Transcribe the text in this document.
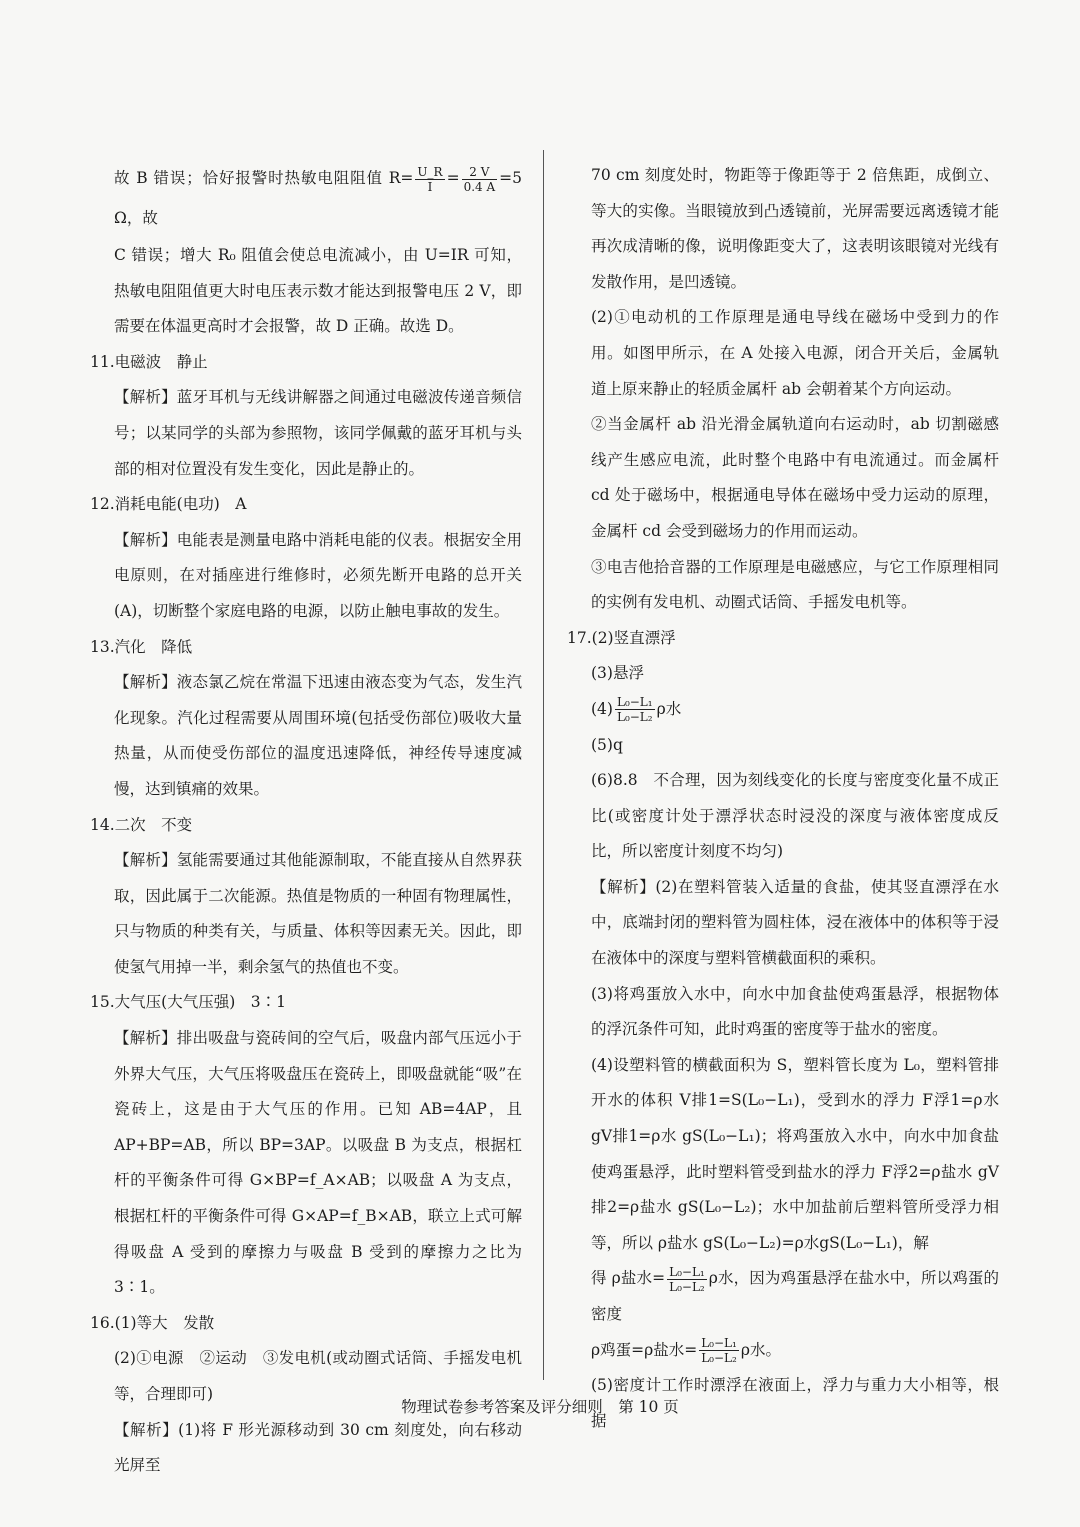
故 B 错误；恰好报警时热敏电阻阻值 $R= \frac{U\_R}{I} = \frac{2 V}{0.4 A} =5$ Ω，故

C 错误；增大 R₀ 阻值会使总电流减小，由 U=IR 可知，热敏电阻阻值更大时电压表示数才能达到报警电压 2 V，即需要在体温更高时才会报警，故 D 正确。故选 D。

11.电磁波　静止

【解析】蓝牙耳机与无线讲解器之间通过电磁波传递音频信号；以某同学的头部为参照物，该同学佩戴的蓝牙耳机与头部的相对位置没有发生变化，因此是静止的。

12.消耗电能(电功)　A

【解析】电能表是测量电路中消耗电能的仪表。根据安全用电原则，在对插座进行维修时，必须先断开电路的总开关(A)，切断整个家庭电路的电源，以防止触电事故的发生。

13.汽化　降低

【解析】液态氯乙烷在常温下迅速由液态变为气态，发生汽化现象。汽化过程需要从周围环境(包括受伤部位)吸收大量热量，从而使受伤部位的温度迅速降低，神经传导速度减慢，达到镇痛的效果。

14.二次　不变

【解析】氢能需要通过其他能源制取，不能直接从自然界获取，因此属于二次能源。热值是物质的一种固有物理属性，只与物质的种类有关，与质量、体积等因素无关。因此，即使氢气用掉一半，剩余氢气的热值也不变。

15.大气压(大气压强)　3∶1

【解析】排出吸盘与瓷砖间的空气后，吸盘内部气压远小于外界大气压，大气压将吸盘压在瓷砖上，即吸盘就能“吸”在瓷砖上，这是由于大气压的作用。已知 AB=4AP，且 AP+BP=AB，所以 BP=3AP。以吸盘 B 为支点，根据杠杆的平衡条件可得 G×BP=f_A×AB；以吸盘 A 为支点，根据杠杆的平衡条件可得 G×AP=f_B×AB，联立上式可解得吸盘 A 受到的摩擦力与吸盘 B 受到的摩擦力之比为 3∶1。

16.(1)等大　发散

(2)①电源　②运动　③发电机(或动圈式话筒、手摇发电机等，合理即可)

【解析】(1)将 F 形光源移动到 30 cm 刻度处，向右移动光屏至

70 cm 刻度处时，物距等于像距等于 2 倍焦距，成倒立、等大的实像。当眼镜放到凸透镜前，光屏需要远离透镜才能再次成清晰的像，说明像距变大了，这表明该眼镜对光线有发散作用，是凹透镜。

(2)①电动机的工作原理是通电导线在磁场中受到力的作用。如图甲所示，在 A 处接入电源，闭合开关后，金属轨道上原来静止的轻质金属杆 ab 会朝着某个方向运动。

②当金属杆 ab 沿光滑金属轨道向右运动时，ab 切割磁感线产生感应电流，此时整个电路中有电流通过。而金属杆 cd 处于磁场中，根据通电导体在磁场中受力运动的原理，金属杆 cd 会受到磁场力的作用而运动。

③电吉他拾音器的工作原理是电磁感应，与它工作原理相同的实例有发电机、动圈式话筒、手摇发电机等。

17.(2)竖直漂浮

(3)悬浮

$(4) \frac{\text{L₀−L₁}}{\text{L₀−L₂}}$ ρ水

(5)q

(6)8.8　不合理，因为刻线变化的长度与密度变化量不成正比(或密度计处于漂浮状态时浸没的深度与液体密度成反比，所以密度计刻度不均匀)

【解析】(2)在塑料管装入适量的食盐，使其竖直漂浮在水中，底端封闭的塑料管为圆柱体，浸在液体中的体积等于浸在液体中的深度与塑料管横截面积的乘积。

(3)将鸡蛋放入水中，向水中加食盐使鸡蛋悬浮，根据物体的浮沉条件可知，此时鸡蛋的密度等于盐水的密度。

(4)设塑料管的横截面积为 S，塑料管长度为 L₀，塑料管排开水的体积 V排1=S(L₀−L₁)，受到水的浮力 F浮1=ρ水 gV排1=ρ水 gS(L₀−L₁)；将鸡蛋放入水中，向水中加食盐使鸡蛋悬浮，此时塑料管受到盐水的浮力 F浮2=ρ盐水 gV排2=ρ盐水 gS(L₀−L₂)；水中加盐前后塑料管所受浮力相等，所以 ρ盐水 gS(L₀−L₂)=ρ水gS(L₀−L₁)，解

得 ρ盐水= $\frac{\text{L₀−L₁}}{\text{L₀−L₂}}$ ρ水，因为鸡蛋悬浮在盐水中，所以鸡蛋的密度

ρ鸡蛋=ρ盐水= $\frac{\text{L₀−L₁}}{\text{L₀−L₂}}$ ρ水。

(5)密度计工作时漂浮在液面上，浮力与重力大小相等，根据

物理试卷参考答案及评分细则　第 10 页
